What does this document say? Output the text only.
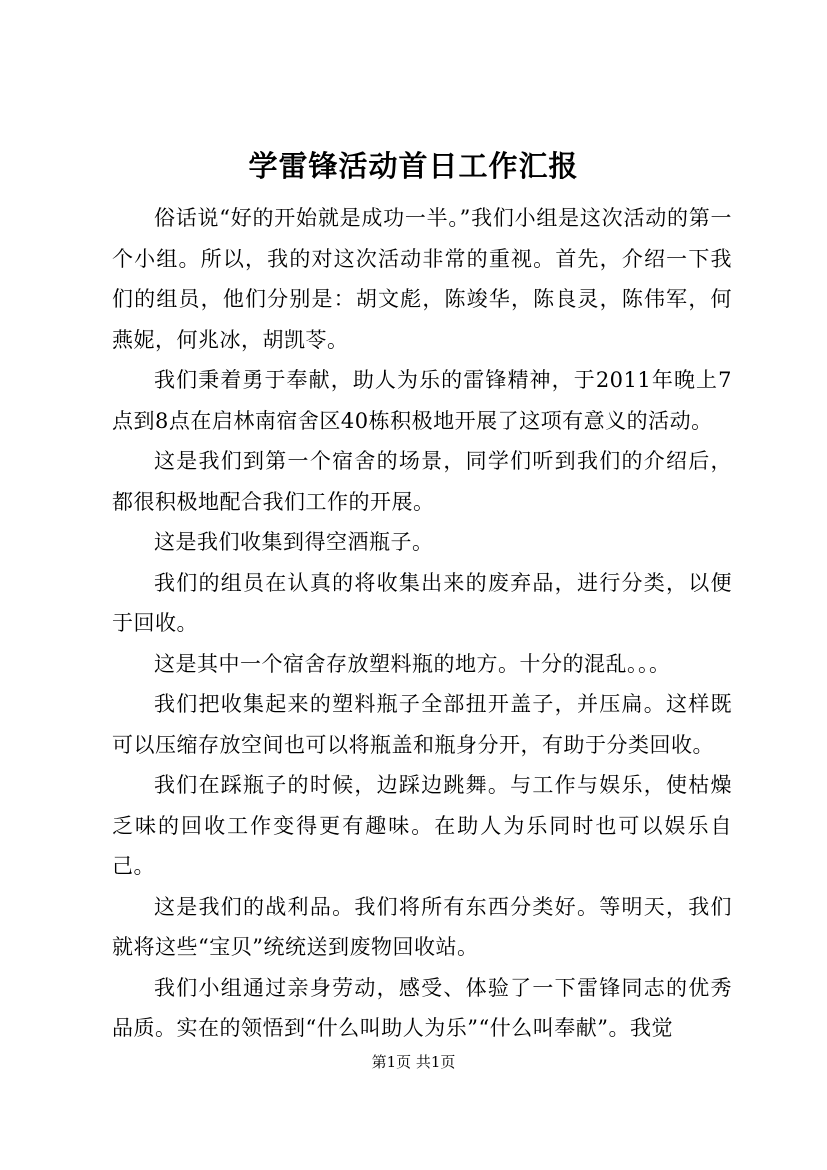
学雷锋活动首日工作汇报

俗话说“好的开始就是成功一半。”我们小组是这次活动的第一个小组。所以，我的对这次活动非常的重视。首先，介绍一下我们的组员，他们分别是：胡文彪，陈竣华，陈良灵，陈伟军，何燕妮，何兆冰，胡凯苓。

我们秉着勇于奉献，助人为乐的雷锋精神，于2011年晚上7点到8点在启林南宿舍区40栋积极地开展了这项有意义的活动。

这是我们到第一个宿舍的场景，同学们听到我们的介绍后，都很积极地配合我们工作的开展。

这是我们收集到得空酒瓶子。

我们的组员在认真的将收集出来的废弃品，进行分类，以便于回收。

这是其中一个宿舍存放塑料瓶的地方。十分的混乱。。。

我们把收集起来的塑料瓶子全部扭开盖子，并压扁。这样既可以压缩存放空间也可以将瓶盖和瓶身分开，有助于分类回收。

我们在踩瓶子的时候，边踩边跳舞。与工作与娱乐，使枯燥乏味的回收工作变得更有趣味。在助人为乐同时也可以娱乐自己。

这是我们的战利品。我们将所有东西分类好。等明天，我们就将这些“宝贝”统统送到废物回收站。

我们小组通过亲身劳动，感受、体验了一下雷锋同志的优秀品质。实在的领悟到“什么叫助人为乐”“什么叫奉献”。我觉

第1页 共1页
